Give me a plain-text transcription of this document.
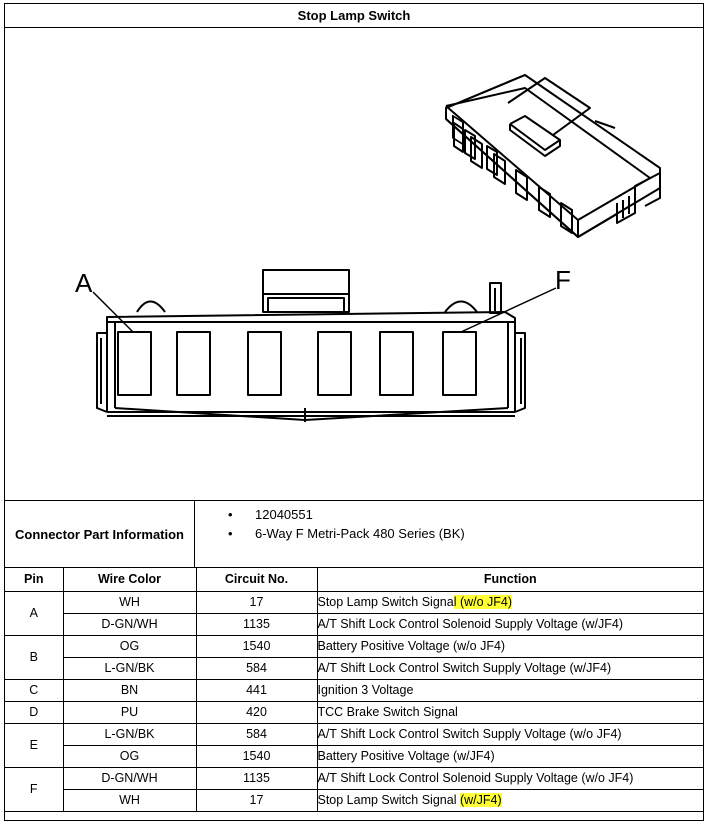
Stop Lamp Switch
A	F
Connector Part Information
• 12040551
• 6-Way F Metri-Pack 480 Series (BK)
Pin	Wire Color	Circuit No.	Function
A	WH	17	Stop Lamp Switch Signal (w/o JF4)
	D-GN/WH	1135	A/T Shift Lock Control Solenoid Supply Voltage (w/JF4)
B	OG	1540	Battery Positive Voltage (w/o JF4)
	L-GN/BK	584	A/T Shift Lock Control Switch Supply Voltage (w/JF4)
C	BN	441	Ignition 3 Voltage
D	PU	420	TCC Brake Switch Signal
E	L-GN/BK	584	A/T Shift Lock Control Switch Supply Voltage (w/o JF4)
	OG	1540	Battery Positive Voltage (w/JF4)
F	D-GN/WH	1135	A/T Shift Lock Control Solenoid Supply Voltage (w/o JF4)
	WH	17	Stop Lamp Switch Signal (w/JF4)
